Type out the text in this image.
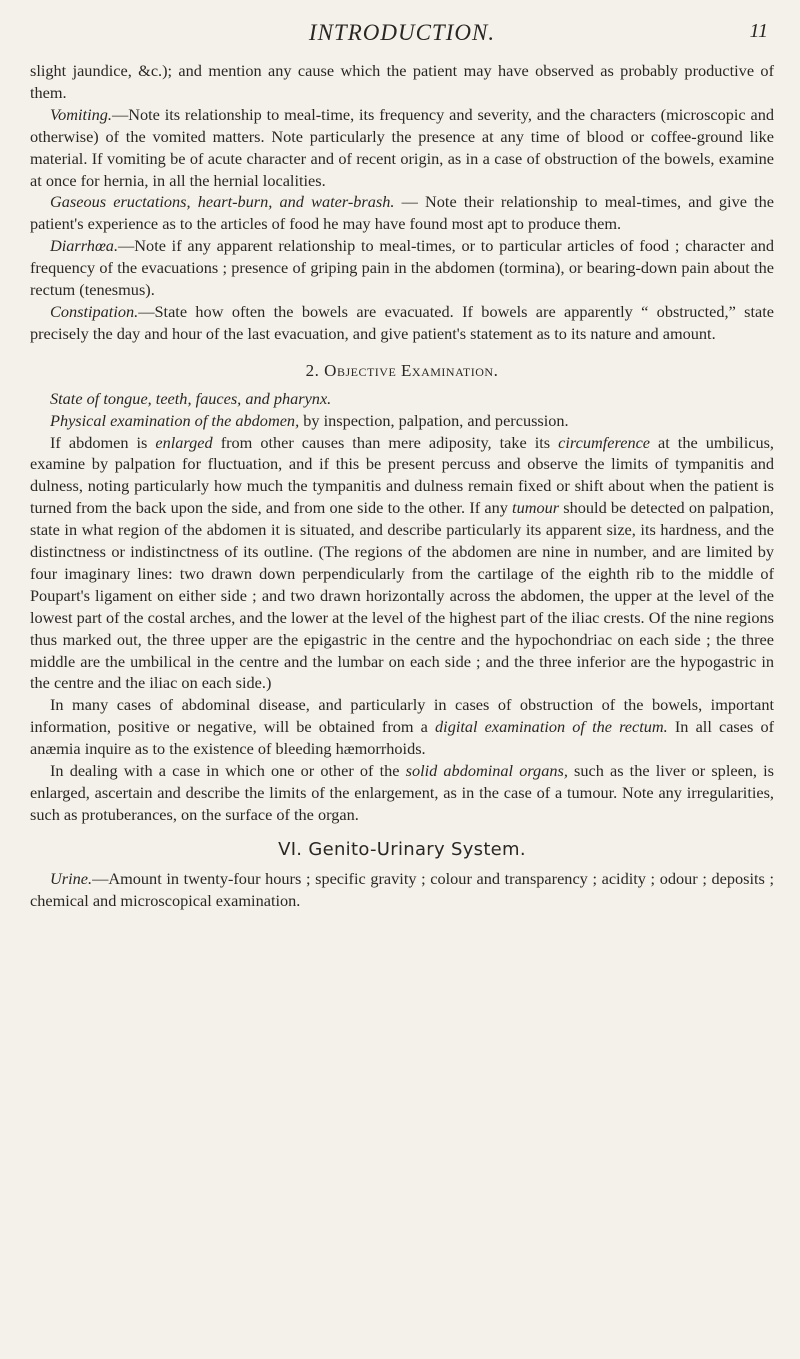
INTRODUCTION.	11

slight jaundice, &c.); and mention any cause which the patient may have observed as probably productive of them.

Vomiting.—Note its relationship to meal-time, its frequency and severity, and the characters (microscopic and otherwise) of the vomited matters. Note particularly the presence at any time of blood or coffee-ground like material. If vomiting be of acute character and of recent origin, as in a case of obstruction of the bowels, examine at once for hernia, in all the hernial localities.

Gaseous eructations, heart-burn, and water-brash. — Note their relationship to meal-times, and give the patient's experience as to the articles of food he may have found most apt to produce them.

Diarrhœa.—Note if any apparent relationship to meal-times, or to particular articles of food ; character and frequency of the evacuations ; presence of griping pain in the abdomen (tormina), or bearing-down pain about the rectum (tenesmus).

Constipation.—State how often the bowels are evacuated. If bowels are apparently “ obstructed,” state precisely the day and hour of the last evacuation, and give patient's statement as to its nature and amount.

2. Objective Examination.

State of tongue, teeth, fauces, and pharynx.

Physical examination of the abdomen, by inspection, palpation, and percussion.

If abdomen is enlarged from other causes than mere adiposity, take its circumference at the umbilicus, examine by palpation for fluctuation, and if this be present percuss and observe the limits of tympanitis and dulness, noting particularly how much the tympanitis and dulness remain fixed or shift about when the patient is turned from the back upon the side, and from one side to the other. If any tumour should be detected on palpation, state in what region of the abdomen it is situated, and describe particularly its apparent size, its hardness, and the distinctness or indistinctness of its outline. (The regions of the abdomen are nine in number, and are limited by four imaginary lines: two drawn down perpendicularly from the cartilage of the eighth rib to the middle of Poupart's ligament on either side ; and two drawn horizontally across the abdomen, the upper at the level of the lowest part of the costal arches, and the lower at the level of the highest part of the iliac crests. Of the nine regions thus marked out, the three upper are the epigastric in the centre and the hypochondriac on each side ; the three middle are the umbilical in the centre and the lumbar on each side ; and the three inferior are the hypogastric in the centre and the iliac on each side.)

In many cases of abdominal disease, and particularly in cases of obstruction of the bowels, important information, positive or negative, will be obtained from a digital examination of the rectum. In all cases of anæmia inquire as to the existence of bleeding hæmorrhoids.

In dealing with a case in which one or other of the solid abdominal organs, such as the liver or spleen, is enlarged, ascertain and describe the limits of the enlargement, as in the case of a tumour. Note any irregularities, such as protuberances, on the surface of the organ.

VI. Genito-Urinary System.

Urine.—Amount in twenty-four hours ; specific gravity ; colour and transparency ; acidity ; odour ; deposits ; chemical and microscopical examination.
